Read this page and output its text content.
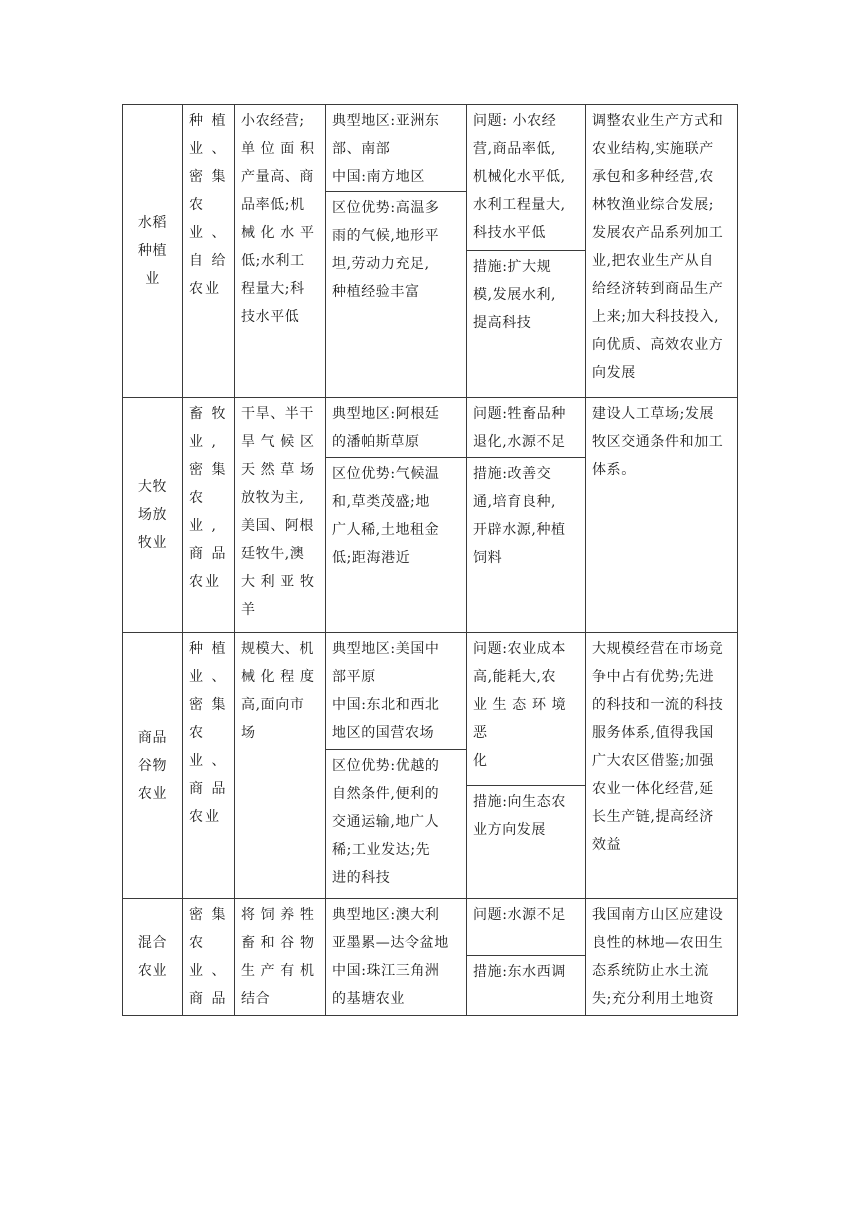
水稻
种植
业
种 植
业 、
密 集
农
业 、
自 给
农业
小农经营;
单 位 面 积
产量高、商
品率低;机
械 化 水 平
低;水利工
程量大;科
技水平低
典型地区:亚洲东
部、南部
中国:南方地区
区位优势:高温多
雨的气候,地形平
坦,劳动力充足,
种植经验丰富
问题: 小农经
营,商品率低,
机械化水平低,
水利工程量大,
科技水平低
措施:扩大规
模,发展水利,
提高科技
调整农业生产方式和
农业结构,实施联产
承包和多种经营,农
林牧渔业综合发展;
发展农产品系列加工
业,把农业生产从自
给经济转到商品生产
上来;加大科技投入,
向优质、高效农业方
向发展
大牧
场放
牧业
畜 牧
业 ,
密 集
农
业 ,
商 品
农业
干旱、半干
旱 气 候 区
天 然 草 场
放牧为主,
美国、阿根
廷牧牛,澳
大 利 亚 牧
羊
典型地区:阿根廷
的潘帕斯草原
区位优势:气候温
和,草类茂盛;地
广人稀,土地租金
低;距海港近
问题:牲畜品种
退化,水源不足
措施:改善交
通,培育良种,
开辟水源,种植
饲料
建设人工草场;发展
牧区交通条件和加工
体系。
商品
谷物
农业
种 植
业 、
密 集
农
业 、
商 品
农业
规模大、机
械 化 程 度
高,面向市
场
典型地区:美国中
部平原
中国:东北和西北
地区的国营农场
区位优势:优越的
自然条件,便利的
交通运输,地广人
稀;工业发达;先
进的科技
问题:农业成本
高,能耗大,农
业 生 态 环 境 恶
化
措施:向生态农
业方向发展
大规模经营在市场竞
争中占有优势;先进
的科技和一流的科技
服务体系,值得我国
广大农区借鉴;加强
农业一体化经营,延
长生产链,提高经济
效益
混合
农业
密 集
农
业 、
商 品
将 饲 养 牲
畜 和 谷 物
生 产 有 机
结合
典型地区:澳大利
亚墨累—达令盆地
中国:珠江三角洲
的基塘农业
问题:水源不足
措施:东水西调
我国南方山区应建设
良性的林地—农田生
态系统防止水土流
失;充分利用土地资
